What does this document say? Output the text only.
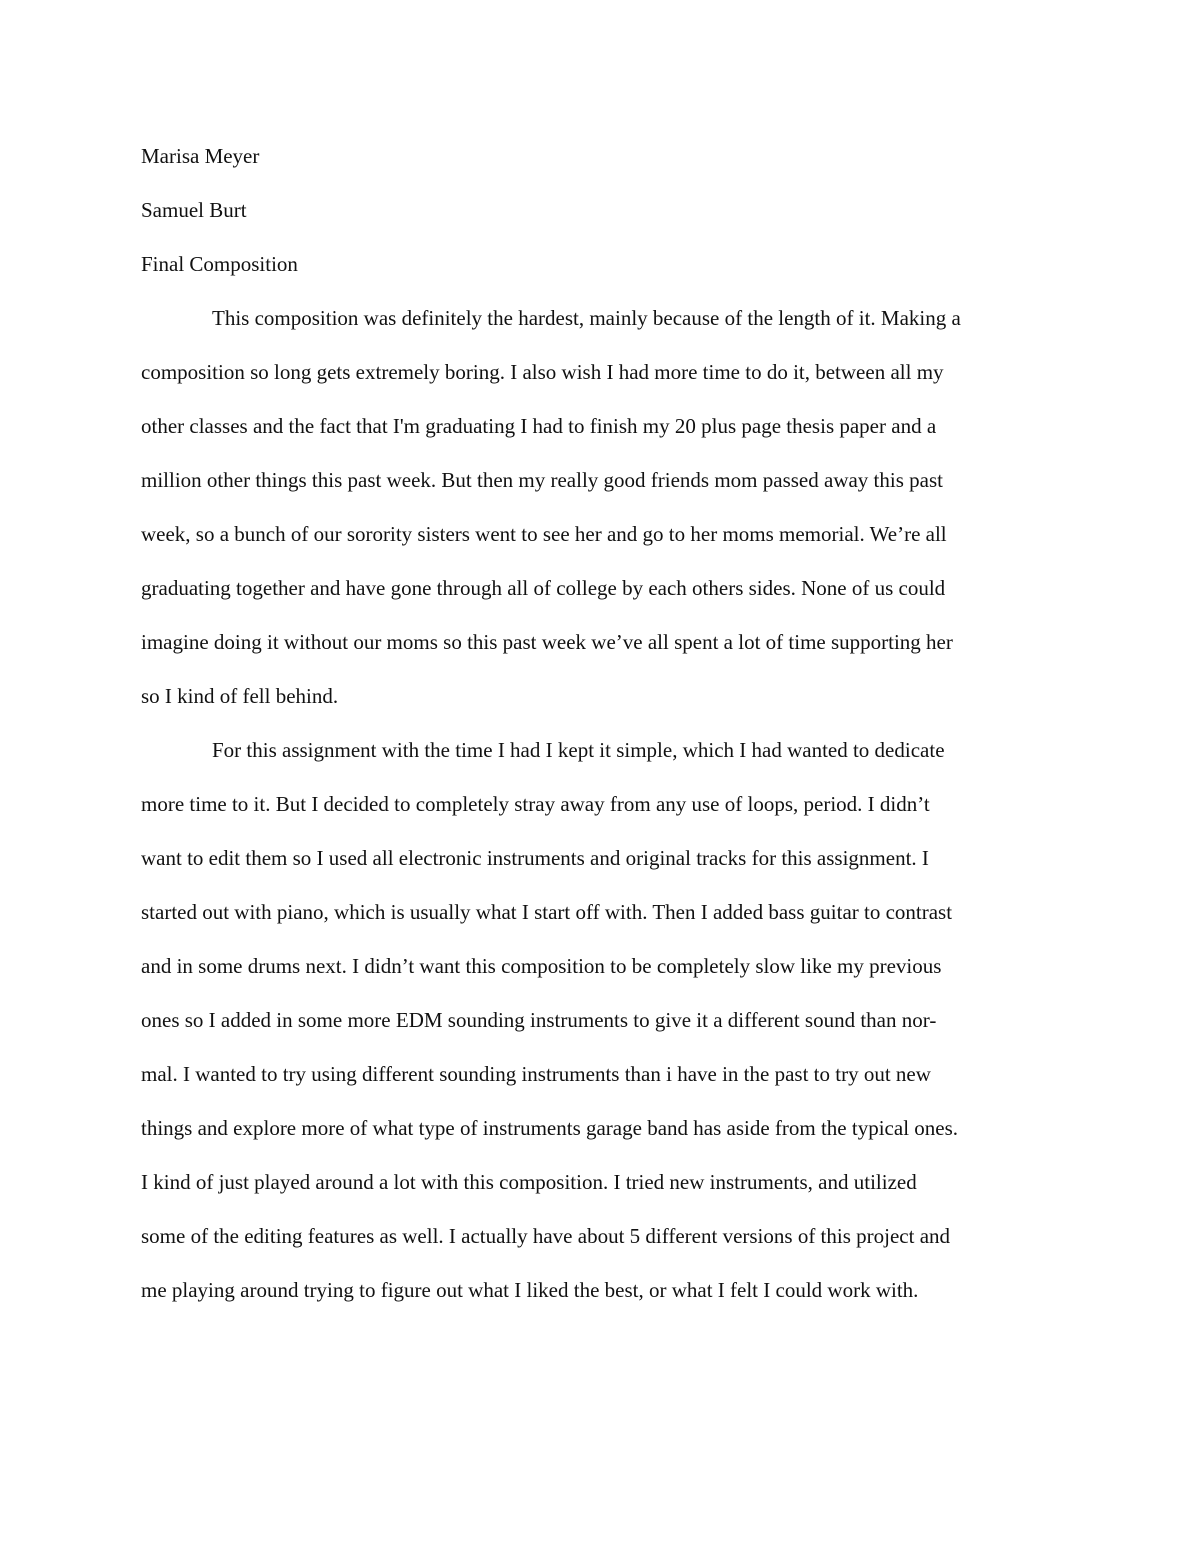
Marisa Meyer
Samuel Burt
Final Composition
This composition was definitely the hardest, mainly because of the length of it. Making a
composition so long gets extremely boring. I also wish I had more time to do it, between all my
other classes and the fact that I'm graduating I had to finish my 20 plus page thesis paper and a
million other things this past week. But then my really good friends mom passed away this past
week, so a bunch of our sorority sisters went to see her and go to her moms memorial. We’re all
graduating together and have gone through all of college by each others sides. None of us could
imagine doing it without our moms so this past week we’ve all spent a lot of time supporting her
so I kind of fell behind.
For this assignment with the time I had I kept it simple, which I had wanted to dedicate
more time to it. But I decided to completely stray away from any use of loops, period. I didn’t
want to edit them so I used all electronic instruments and original tracks for this assignment. I
started out with piano, which is usually what I start off with. Then I added bass guitar to contrast
and in some drums next. I didn’t want this composition to be completely slow like my previous
ones so I added in some more EDM sounding instruments to give it a different sound than nor-
mal. I wanted to try using different sounding instruments than i have in the past to try out new
things and explore more of what type of instruments garage band has aside from the typical ones.
I kind of just played around a lot with this composition. I tried new instruments, and utilized
some of the editing features as well. I actually have about 5 different versions of this project and
me playing around trying to figure out what I liked the best, or what I felt I could work with.
